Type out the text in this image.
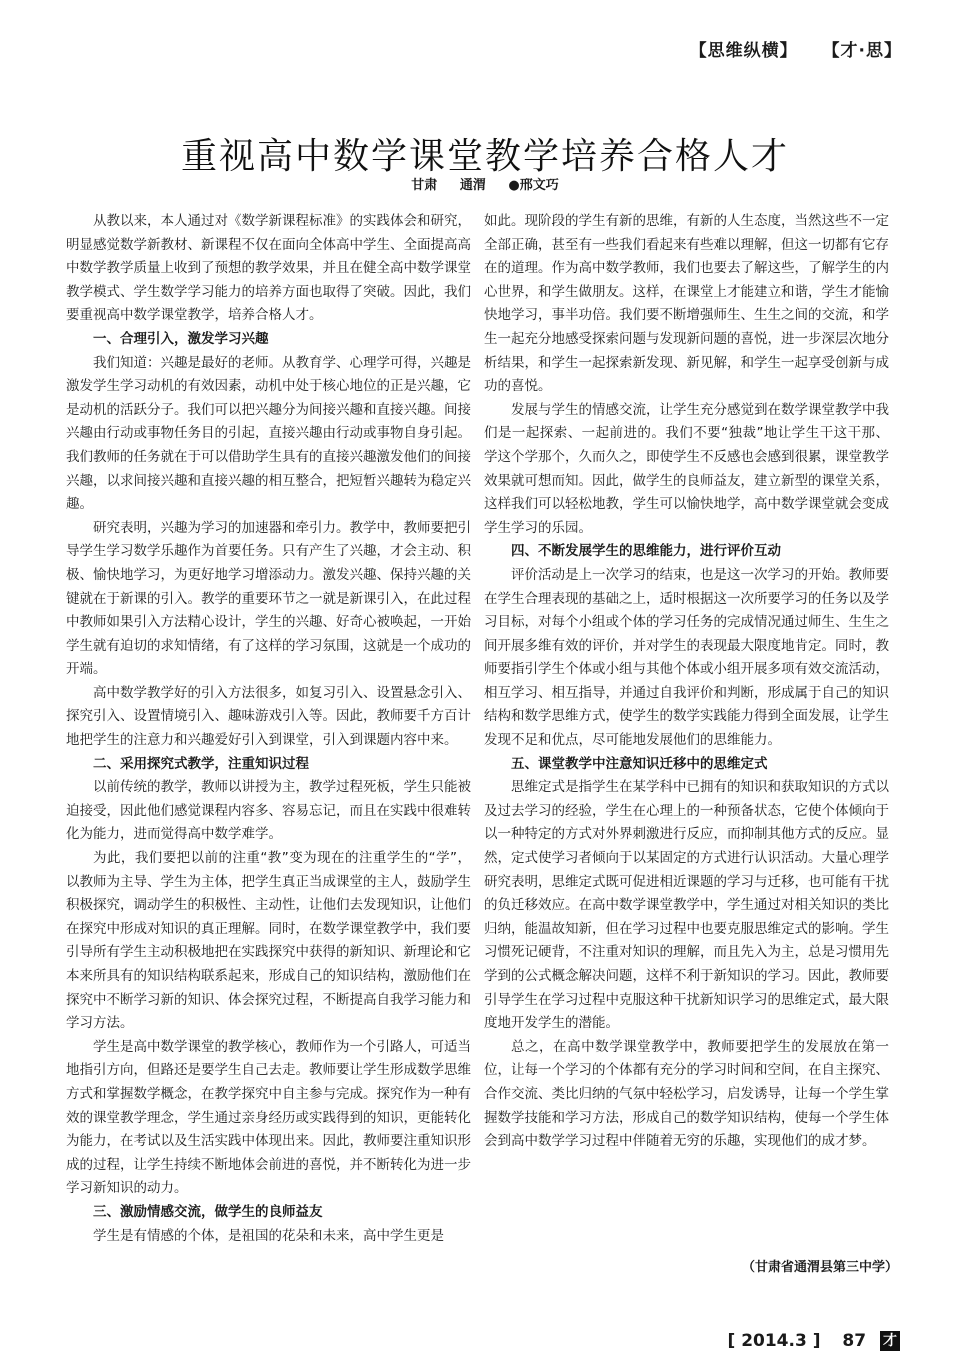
【思维纵横】 【才·思】
重视高中数学课堂教学培养合格人才
甘肃 通渭 ●邢文巧

从教以来，本人通过对《数学新课程标准》的实践体会和研究，明显感觉数学新教材、新课程不仅在面向全体高中学生、全面提高高中数学教学质量上收到了预想的教学效果，并且在健全高中数学课堂教学模式、学生数学学习能力的培养方面也取得了突破。因此，我们要重视高中数学课堂教学，培养合格人才。

一、合理引入，激发学习兴趣

我们知道：兴趣是最好的老师。从教育学、心理学可得，兴趣是激发学生学习动机的有效因素，动机中处于核心地位的正是兴趣，它是动机的活跃分子。我们可以把兴趣分为间接兴趣和直接兴趣。间接兴趣由行动或事物任务目的引起，直接兴趣由行动或事物自身引起。我们教师的任务就在于可以借助学生具有的直接兴趣激发他们的间接兴趣，以求间接兴趣和直接兴趣的相互整合，把短暂兴趣转为稳定兴趣。

研究表明，兴趣为学习的加速器和牵引力。教学中，教师要把引导学生学习数学乐趣作为首要任务。只有产生了兴趣，才会主动、积极、愉快地学习，为更好地学习增添动力。激发兴趣、保持兴趣的关键就在于新课的引入。教学的重要环节之一就是新课引入，在此过程中教师如果引入方法精心设计，学生的兴趣、好奇心被唤起，一开始学生就有迫切的求知情绪，有了这样的学习氛围，这就是一个成功的开端。

高中数学教学好的引入方法很多，如复习引入、设置悬念引入、探究引入、设置情境引入、趣味游戏引入等。因此，教师要千方百计地把学生的注意力和兴趣爱好引入到课堂，引入到课题内容中来。

二、采用探究式教学，注重知识过程

以前传统的教学，教师以讲授为主，教学过程死板，学生只能被迫接受，因此他们感觉课程内容多、容易忘记，而且在实践中很难转化为能力，进而觉得高中数学难学。

为此，我们要把以前的注重“教”变为现在的注重学生的“学”，以教师为主导、学生为主体，把学生真正当成课堂的主人，鼓励学生积极探究，调动学生的积极性、主动性，让他们去发现知识，让他们在探究中形成对知识的真正理解。同时，在数学课堂教学中，我们要引导所有学生主动积极地把在实践探究中获得的新知识、新理论和它本来所具有的知识结构联系起来，形成自己的知识结构，激励他们在探究中不断学习新的知识、体会探究过程，不断提高自我学习能力和学习方法。

学生是高中数学课堂的教学核心，教师作为一个引路人，可适当地指引方向，但路还是要学生自己去走。教师要让学生形成数学思维方式和掌握数学概念，在教学探究中自主参与完成。探究作为一种有效的课堂教学理念，学生通过亲身经历或实践得到的知识，更能转化为能力，在考试以及生活实践中体现出来。因此，教师要注重知识形成的过程，让学生持续不断地体会前进的喜悦，并不断转化为进一步学习新知识的动力。

三、激励情感交流，做学生的良师益友

学生是有情感的个体，是祖国的花朵和未来，高中学生更是

如此。现阶段的学生有新的思维，有新的人生态度，当然这些不一定全部正确，甚至有一些我们看起来有些难以理解，但这一切都有它存在的道理。作为高中数学教师，我们也要去了解这些，了解学生的内心世界，和学生做朋友。这样，在课堂上才能建立和谐，学生才能愉快地学习，事半功倍。我们要不断增强师生、生生之间的交流，和学生一起充分地感受探索问题与发现新问题的喜悦，进一步深层次地分析结果，和学生一起探索新发现、新见解，和学生一起享受创新与成功的喜悦。

发展与学生的情感交流，让学生充分感觉到在数学课堂教学中我们是一起探索、一起前进的。我们不要“独裁”地让学生干这干那、学这个学那个，久而久之，即使学生不反感也会感到很累，课堂教学效果就可想而知。因此，做学生的良师益友，建立新型的课堂关系，这样我们可以轻松地教，学生可以愉快地学，高中数学课堂就会变成学生学习的乐园。

四、不断发展学生的思维能力，进行评价互动

评价活动是上一次学习的结束，也是这一次学习的开始。教师要在学生合理表现的基础之上，适时根据这一次所要学习的任务以及学习目标，对每个小组或个体的学习任务的完成情况通过师生、生生之间开展多维有效的评价，并对学生的表现最大限度地肯定。同时，教师要指引学生个体或小组与其他个体或小组开展多项有效交流活动，相互学习、相互指导，并通过自我评价和判断，形成属于自己的知识结构和数学思维方式，使学生的数学实践能力得到全面发展，让学生发现不足和优点，尽可能地发展他们的思维能力。

五、课堂教学中注意知识迁移中的思维定式

思维定式是指学生在某学科中已拥有的知识和获取知识的方式以及过去学习的经验，学生在心理上的一种预备状态，它使个体倾向于以一种特定的方式对外界刺激进行反应，而抑制其他方式的反应。显然，定式使学习者倾向于以某固定的方式进行认识活动。大量心理学研究表明，思维定式既可促进相近课题的学习与迁移，也可能有干扰的负迁移效应。在高中数学课堂教学中，学生通过对相关知识的类比归纳，能温故知新，但在学习过程中也要克服思维定式的影响。学生习惯死记硬背，不注重对知识的理解，而且先入为主，总是习惯用先学到的公式概念解决问题，这样不利于新知识的学习。因此，教师要引导学生在学习过程中克服这种干扰新知识学习的思维定式，最大限度地开发学生的潜能。

总之，在高中数学课堂教学中，教师要把学生的发展放在第一位，让每一个学习的个体都有充分的学习时间和空间，在自主探究、合作交流、类比归纳的气氛中轻松学习，启发诱导，让每一个学生掌握数学技能和学习方法，形成自己的数学知识结构，使每一个学生体会到高中数学学习过程中伴随着无穷的乐趣，实现他们的成才梦。

（甘肃省通渭县第三中学）
[ 2014.3 ] 87 才
